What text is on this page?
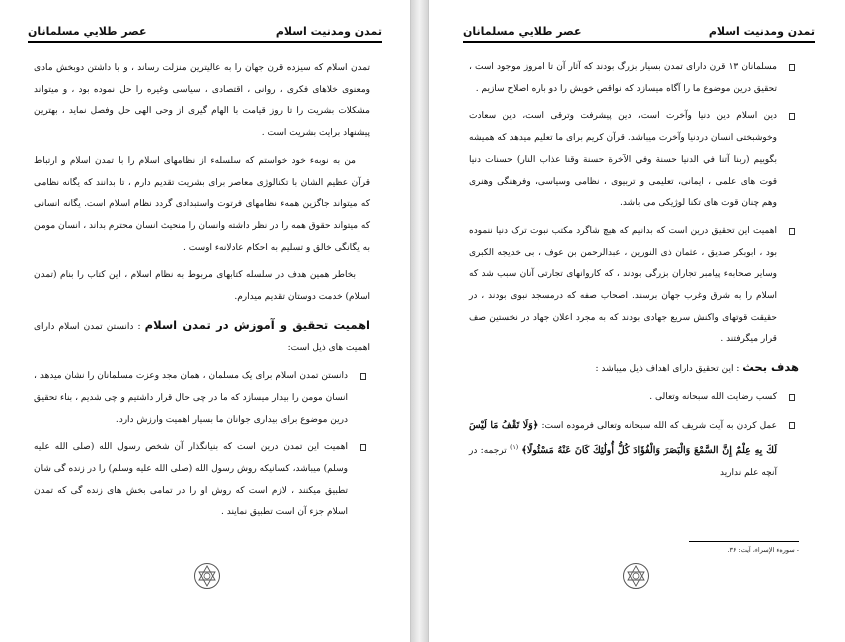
عصر طلايي مسلمانان	تمدن ومدنيت اسلام

تمدن اسلام که سیزده قرن جهان را به عالیترین منزلت رساند ، و با داشتن دوبخش مادی ومعنوی خلاهای فکری ، روانی ، اقتصادی ، سیاسی وغیره را حل نموده بود ، و میتواند مشکلات بشریت را تا روز قیامت با الهام گیری از وحی الهی حل وفصل نماید ، بهترین پیشنهاد برایت بشریت است .

من به نوبه‌ء خود خواستم که سلسله‌ء از نظامهای اسلام را با تمدن اسلام و ارتباط قرآن عظیم الشان با تکنالوژی معاصر برای بشریت تقدیم دارم ، تا بدانند که یگانه نظامی که میتواند جاگزین همه‌ء نظامهای فرتوت واستبدادی گردد نظام اسلام است. یگانه انسانی که میتواند حقوق همه را در نظر داشته وانسان را منحیث انسان محترم بداند ، انسان مومن به یگانگی خالق و تسلیم به احکام عادلانه‌ء اوست .

بخاطر همین هدف در سلسله کتابهای مربوط به نظام اسلام ، این کتاب را بنام (تمدن اسلام) خدمت دوستان تقدیم میدارم.

اهمیت تحقیق و آموزش در تمدن اسلام : دانستن تمدن اسلام دارای اهمیت های ذیل است:

دانستن تمدن اسلام برای یک مسلمان ، همان مجد وعزت مسلمانان را نشان میدهد ، انسان مومن را بیدار میسازد که ما در چی حال قرار داشتیم و چی شدیم ، بناء تحقیق درین موضوع برای بیداری جوانان ما بسیار اهمیت وارزش دارد.
اهمیت این تمدن درین است که بنیانگذار آن شخص رسول الله (صلی الله علیه وسلم) میباشد، کسانیکه روش رسول الله (صلی الله علیه وسلم) را در زنده گی شان تطبیق میکنند ، لازم است که روش او را در تمامی بخش های زنده گی که تمدن اسلام جزء آن است تطبیق نمایند .
عصر طلايي مسلمانان	تمدن ومدنيت اسلام
مسلمانان ۱۳ قرن دارای تمدن بسیار بزرگ بودند که آثار آن تا امروز موجود است ، تحقیق درین موضوع ما را آگاه میسازد که نواقص خویش را دو باره اصلاح سازیم .
دین اسلام دین دنیا وآخرت است، دین پیشرفت وترقی است، دین سعادت وخوشبختی انسان دردنیا وآخرت میباشد. قرآن کریم برای ما تعلیم میدهد که همیشه بگوییم (ربنا آتنا في الدنيا حسنة وفي الآخرة حسنة وقنا عذاب النار) حسنات دنیا قوت های علمی ، ایمانی، تعلیمی و تربیوی ، نظامی وسیاسی، وفرهنگی وهنری وهم چنان قوت های تکنا لوژیکی می باشد.
اهمیت این تحقیق درین است که بدانیم که هیچ شاگرد مکتب نبوت ترک دنیا ننموده بود ، ابوبکر صدیق ، عثمان ذی النورین ، عبدالرحمن بن عوف ، بی خدیجه الکبری وسایر صحابه‌ء پیامبر تجاران بزرگی بودند ، که کاروانهای تجارتی آنان سبب شد که اسلام را به شرق وغرب جهان برسند. اصحاب صفه که درمسجد نبوی بودند ، در حقیقت قوتهای واکنش سریع جهادی بودند که به مجرد اعلان جهاد در نخستین صف قرار میگرفتند .

هدف بحث : این تحقیق دارای اهداف ذیل میباشد :

کسب رضایت الله سبحانه وتعالی .
عمل کردن به آیت شریف که الله سبحانه وتعالی فرموده است: ﴿وَلَا تَقْفُ مَا لَيْسَ لَكَ بِهِ عِلْمٌ إِنَّ السَّمْعَ وَالْبَصَرَ وَالْفُؤَادَ كُلُّ أُولَٰئِكَ كَانَ عَنْهُ مَسْئُولًا﴾ $^{(۱)}$ ترجمه: در آنچه علم نداريد
- سوره‌ء الإسراء، آیت: ۳۶.
